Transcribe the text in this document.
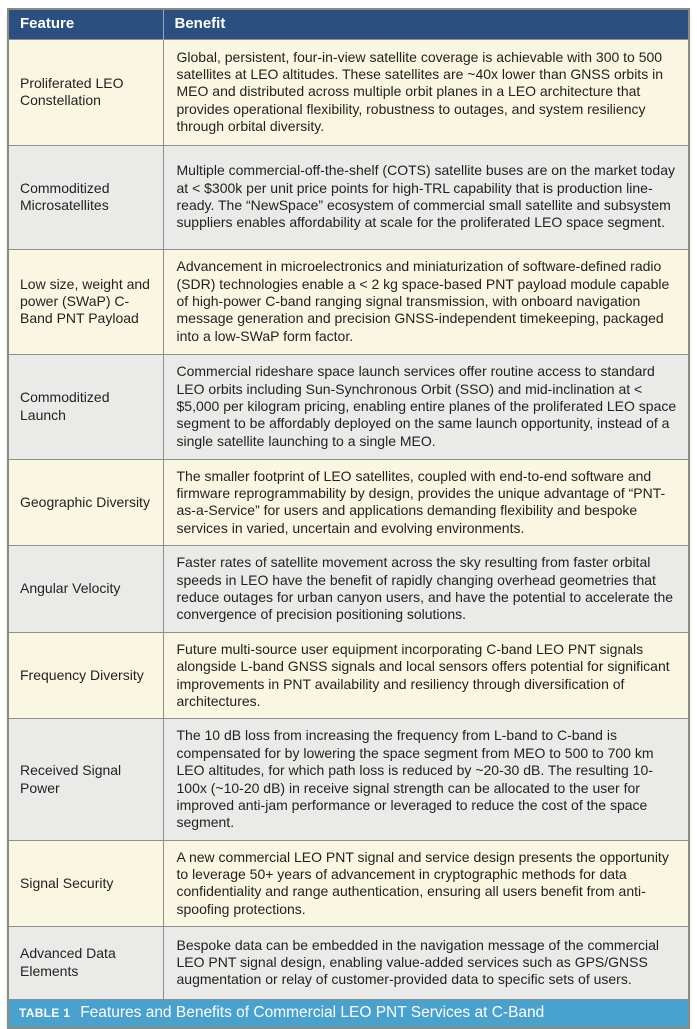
Feature	Benefit
Proliferated LEO Constellation	Global, persistent, four-in-view satellite coverage is achievable with 300 to 500 satellites at LEO altitudes. These satellites are ~40x lower than GNSS orbits in MEO and distributed across multiple orbit planes in a LEO architecture that provides operational flexibility, robustness to outages, and system resiliency through orbital diversity.
Commoditized Microsatellites	Multiple commercial-off-the-shelf (COTS) satellite buses are on the market today at < $300k per unit price points for high-TRL capability that is production line-ready. The “NewSpace” ecosystem of commercial small satellite and subsystem suppliers enables affordability at scale for the proliferated LEO space segment.
Low size, weight and power (SWaP) C-Band PNT Payload	Advancement in microelectronics and miniaturization of software-defined radio (SDR) technologies enable a < 2 kg space-based PNT payload module capable of high-power C-band ranging signal transmission, with onboard navigation message generation and precision GNSS-independent timekeeping, packaged into a low-SWaP form factor.
Commoditized Launch	Commercial rideshare space launch services offer routine access to standard LEO orbits including Sun-Synchronous Orbit (SSO) and mid-inclination at < $5,000 per kilogram pricing, enabling entire planes of the proliferated LEO space segment to be affordably deployed on the same launch opportunity, instead of a single satellite launching to a single MEO.
Geographic Diversity	The smaller footprint of LEO satellites, coupled with end-to-end software and firmware reprogrammability by design, provides the unique advantage of “PNT-as-a-Service” for users and applications demanding flexibility and bespoke services in varied, uncertain and evolving environments.
Angular Velocity	Faster rates of satellite movement across the sky resulting from faster orbital speeds in LEO have the benefit of rapidly changing overhead geometries that reduce outages for urban canyon users, and have the potential to accelerate the convergence of precision positioning solutions.
Frequency Diversity	Future multi-source user equipment incorporating C-band LEO PNT signals alongside L-band GNSS signals and local sensors offers potential for significant improvements in PNT availability and resiliency through diversification of architectures.
Received Signal Power	The 10 dB loss from increasing the frequency from L-band to C-band is compensated for by lowering the space segment from MEO to 500 to 700 km LEO altitudes, for which path loss is reduced by ~20-30 dB. The resulting 10-100x (~10-20 dB) in receive signal strength can be allocated to the user for improved anti-jam performance or leveraged to reduce the cost of the space segment.
Signal Security	A new commercial LEO PNT signal and service design presents the opportunity to leverage 50+ years of advancement in cryptographic methods for data confidentiality and range authentication, ensuring all users benefit from anti-spoofing protections.
Advanced Data Elements	Bespoke data can be embedded in the navigation message of the commercial LEO PNT signal design, enabling value-added services such as GPS/GNSS augmentation or relay of customer-provided data to specific sets of users.
TABLE 1 Features and Benefits of Commercial LEO PNT Services at C-Band
